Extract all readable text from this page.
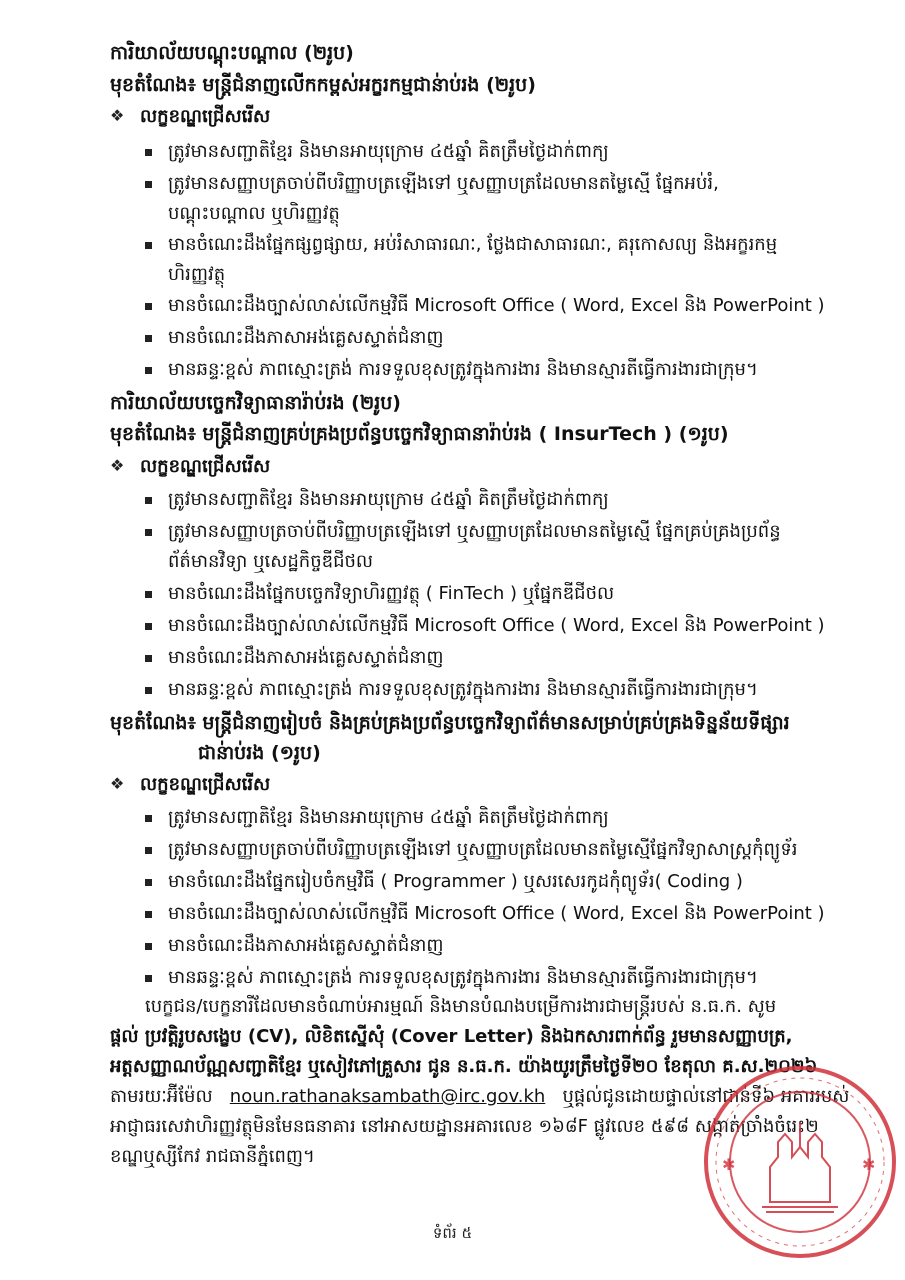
ការិយាល័យបណ្តុះបណ្តាល (២រូប)
មុខតំណែង៖ មន្ត្រីជំនាញលើកកម្ពស់អក្ខរកម្មជាន់ាប់រង (២រូប)
❖ លក្ខខណ្ឌជ្រើសរើស
ត្រូវមានសញ្ជាតិខ្មែរ និងមានអាយុក្រោម ៤៥ឆ្នាំ គិតត្រឹមថ្ងៃដាក់ពាក្យ
ត្រូវមានសញ្ញាបត្រចាប់ពីបរិញ្ញាបត្រឡើងទៅ ឬសញ្ញាបត្រដែលមានតម្លៃស្មើ ផ្នែកអប់រំ,
បណ្តុះបណ្តាល ឬហិរញ្ញវត្ថុ
មានចំណេះដឹងផ្នែកផ្សព្វផ្សាយ, អប់រំសាធារណៈ, ថ្លែងជាសាធារណៈ, គរុកោសល្យ និងអក្ខរកម្ម
ហិរញ្ញវត្ថុ
មានចំណេះដឹងច្បាស់លាស់លើកម្មវិធី Microsoft Office ( Word, Excel និង PowerPoint )
មានចំណេះដឹងភាសាអង់គ្លេសស្ទាត់ជំនាញ
មានឆន្ទៈខ្ពស់ ភាពស្មោះត្រង់ ការទទួលខុសត្រូវក្នុងការងារ និងមានស្មារតីធ្វើការងារជាក្រុម។
ការិយាល័យបច្ចេកវិទ្យាធានារ៉ាប់រង (២រូប)
មុខតំណែង៖ មន្ត្រីជំនាញគ្រប់គ្រងប្រព័ន្ធបច្ចេកវិទ្យាធានារ៉ាប់រង ( InsurTech ) (១រូប)
❖ លក្ខខណ្ឌជ្រើសរើស
ត្រូវមានសញ្ជាតិខ្មែរ និងមានអាយុក្រោម ៤៥ឆ្នាំ គិតត្រឹមថ្ងៃដាក់ពាក្យ
ត្រូវមានសញ្ញាបត្រចាប់ពីបរិញ្ញាបត្រឡើងទៅ ឬសញ្ញាបត្រដែលមានតម្លៃស្មើ ផ្នែកគ្រប់គ្រងប្រព័ន្ធ
ព័ត៌មានវិទ្យា ឬសេដ្ឋកិច្ចឌីជីថល
មានចំណេះដឹងផ្នែកបច្ចេកវិទ្យាហិរញ្ញវត្ថុ ( FinTech ) ឬផ្នែកឌីជីថល
មានចំណេះដឹងច្បាស់លាស់លើកម្មវិធី Microsoft Office ( Word, Excel និង PowerPoint )
មានចំណេះដឹងភាសាអង់គ្លេសស្ទាត់ជំនាញ
មានឆន្ទៈខ្ពស់ ភាពស្មោះត្រង់ ការទទួលខុសត្រូវក្នុងការងារ និងមានស្មារតីធ្វើការងារជាក្រុម។
មុខតំណែង៖ មន្ត្រីជំនាញរៀបចំ និងគ្រប់គ្រងប្រព័ន្ធបច្ចេកវិទ្យាព័ត៌មានសម្រាប់គ្រប់គ្រងទិន្នន័យទីផ្សារ
ជាន់ាប់រង (១រូប)
❖ លក្ខខណ្ឌជ្រើសរើស
ត្រូវមានសញ្ជាតិខ្មែរ និងមានអាយុក្រោម ៤៥ឆ្នាំ គិតត្រឹមថ្ងៃដាក់ពាក្យ
ត្រូវមានសញ្ញាបត្រចាប់ពីបរិញ្ញាបត្រឡើងទៅ ឬសញ្ញាបត្រដែលមានតម្លៃស្មើផ្នែកវិទ្យាសាស្ត្រកុំព្យូទ័រ
មានចំណេះដឹងផ្នែករៀបចំកម្មវិធី ( Programmer ) ឬសរសេរកូដកុំព្យូទ័រ( Coding )
មានចំណេះដឹងច្បាស់លាស់លើកម្មវិធី Microsoft Office ( Word, Excel និង PowerPoint )
មានចំណេះដឹងភាសាអង់គ្លេសស្ទាត់ជំនាញ
មានឆន្ទៈខ្ពស់ ភាពស្មោះត្រង់ ការទទួលខុសត្រូវក្នុងការងារ និងមានស្មារតីធ្វើការងារជាក្រុម។
បេក្ខជន/បេក្ខនារីដែលមានចំណាប់អារម្មណ៍ និងមានបំណងបម្រើការងារជាមន្ត្រីរបស់ ន.ធ.ក. សូម
ផ្តល់ ប្រវត្តិរូបសង្ខេប (CV), លិខិតស្នើសុំ (Cover Letter) និងឯកសារពាក់ព័ន្ធ រួមមានសញ្ញាបត្រ,
អត្តសញ្ញាណប័ណ្ណសញ្ជាតិខ្មែរ ឬសៀវភៅគ្រួសារ ជូន ន.ធ.ក. យ៉ាងយូរត្រឹមថ្ងៃទី២០ ខែតុលា គ.ស.២០២៦
តាមរយៈអ៊ីម៉ែល noun.rathanaksambath@irc.gov.kh ឬផ្តល់ជូនដោយផ្ទាល់នៅជាន់ទី៦ អគាររបស់
អាជ្ញាធរសេវាហិរញ្ញវត្ថុមិនមែនធនាគារ នៅអាសយដ្ឋានអគារលេខ ១៦៨F ផ្លូវលេខ ៥៩៨ សង្កាត់ច្រាំងចំរេះ២
ខណ្ឌឬស្សីកែវ រាជធានីភ្នំពេញ។	✱	✱
ទំព័រ ៥
